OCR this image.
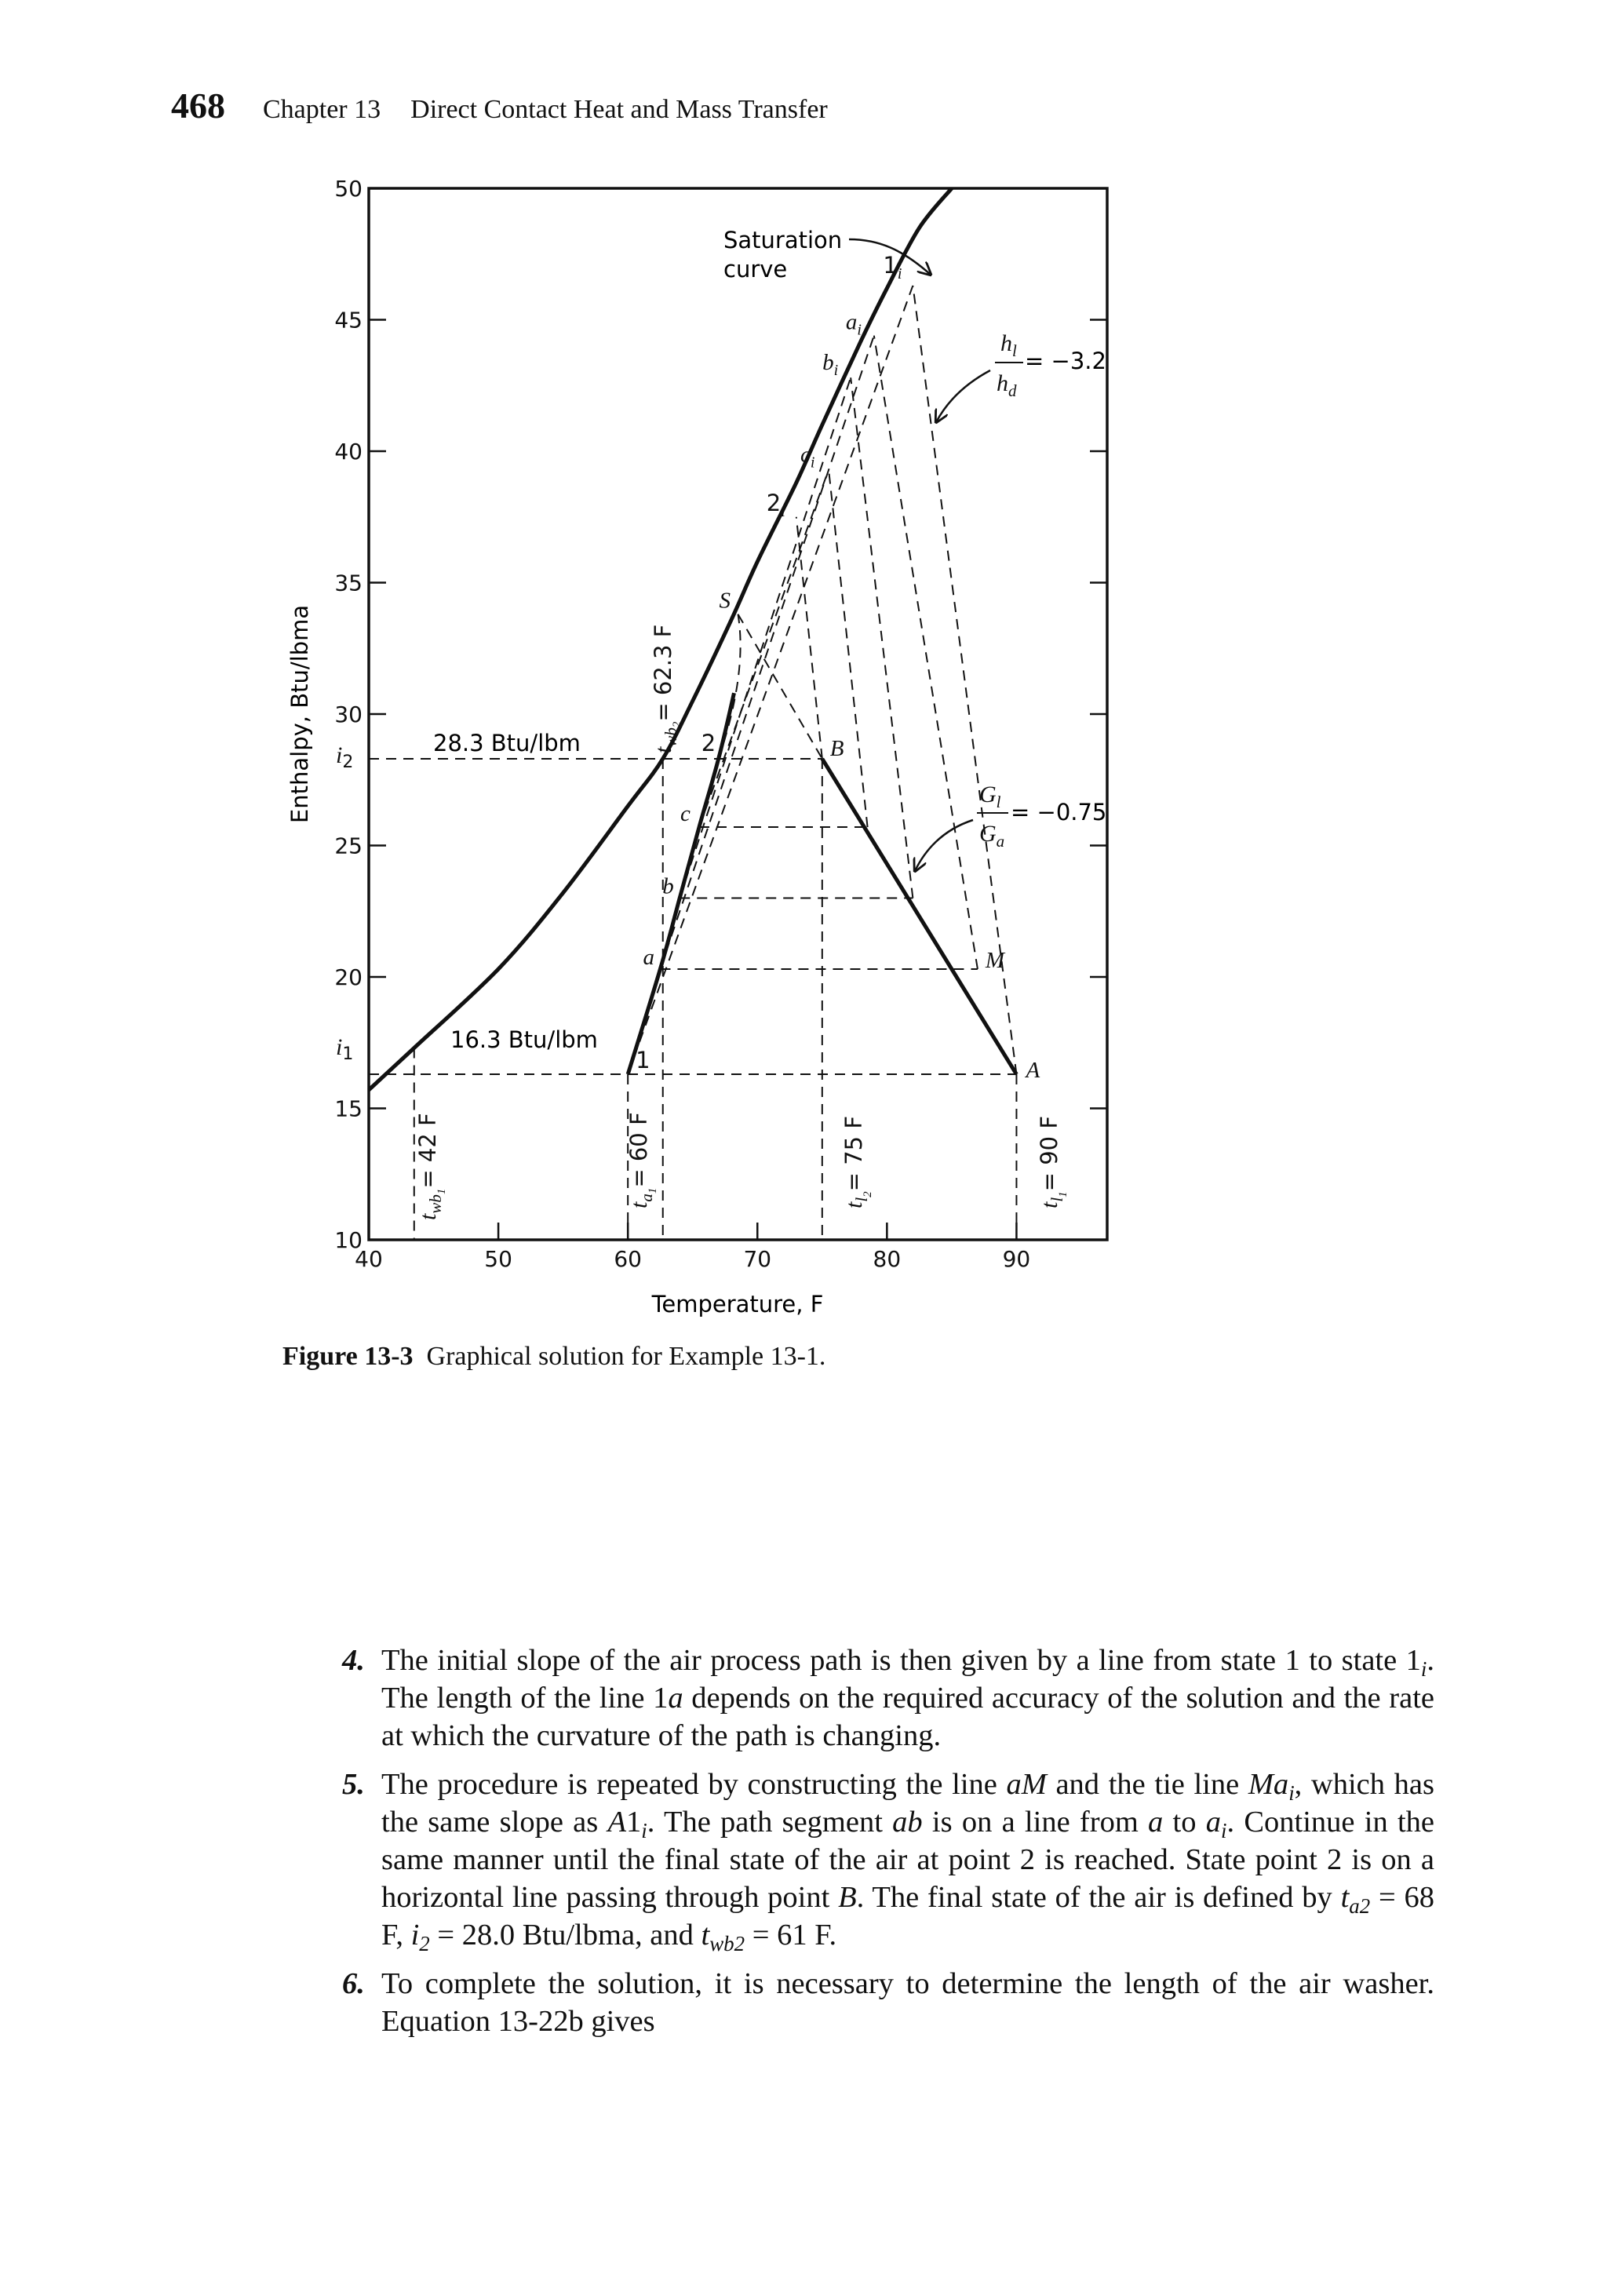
468 Chapter 13 Direct Contact Heat and Mass Transfer
40	50	60	70	80	90
10
15
20
25
30
35
40
45
50
Enthalpy, Btu/lbma
Temperature, F
Saturation
curve
$h_l$
$h_d$
= −3.2
$G_l$
$G_a$
= −0.75
28.3 Btu/lbm
16.3 Btu/lbm
$i_2$
$i_1$
$t_{wb}2= 62.3$ F
$t_{wb}1= 42$ F
$t_a1= 60$ F
$t_l2= 75$ F
$t_l1= 90$ F
1
a
b
c
2
S
A
M
B
$1_i$
$a_i$
$b_i$
$c_i$
$2_i$
Figure 13-3 Graphical solution for Example 13-1.
4. The initial slope of the air process path is then given by a line from state 1 to state $1_i$. The length of the line 1a depends on the required accuracy of the solution and the rate at which the curvature of the path is changing.
5. The procedure is repeated by constructing the line aM and the tie line $Ma_i$, which has the same slope as $A1_i$. The path segment ab is on a line from a to $a_i$. Continue in the same manner until the final state of the air at point 2 is reached. State point 2 is on a horizontal line passing through point B. The final state of the air is defined by $t_{a2} = 68$ F, $i_2 = 28.0$ Btu/lbma, and $t_{wb2} = 61$ F.
6. To complete the solution, it is necessary to determine the length of the air washer. Equation 13-22b gives
